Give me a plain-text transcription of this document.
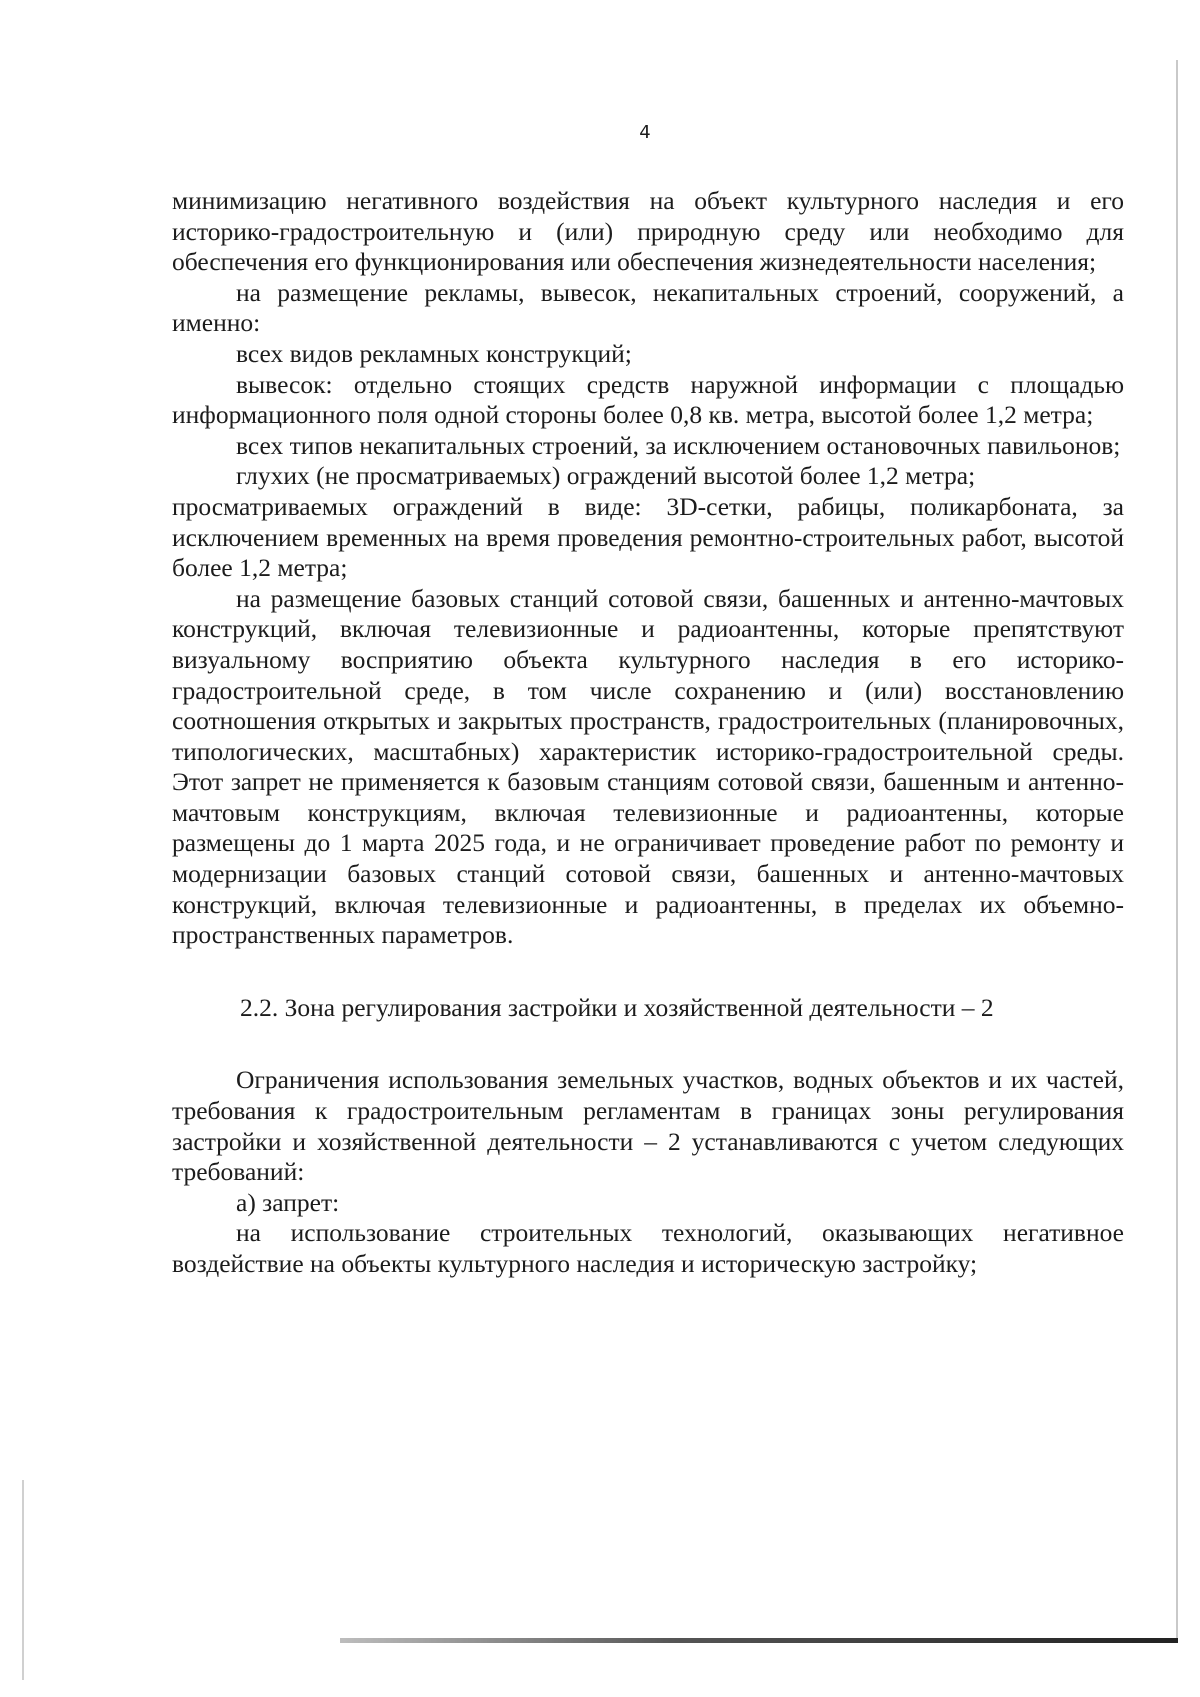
4

минимизацию негативного воздействия на объект культурного наследия и его историко-градостроительную и (или) природную среду или необходимо для обеспечения его функционирования или обеспечения жизнедеятельности населения;

на размещение рекламы, вывесок, некапитальных строений, сооружений, а именно:

всех видов рекламных конструкций;

вывесок: отдельно стоящих средств наружной информации с площадью информационного поля одной стороны более 0,8 кв. метра, высотой более 1,2 метра;

всех типов некапитальных строений, за исключением остановочных павильонов;

глухих (не просматриваемых) ограждений высотой более 1,2 метра;

просматриваемых ограждений в виде: 3D-сетки, рабицы, поликарбоната, за исключением временных на время проведения ремонтно-строительных работ, высотой более 1,2 метра;

на размещение базовых станций сотовой связи, башенных и антенно-мачтовых конструкций, включая телевизионные и радиоантенны, которые препятствуют визуальному восприятию объекта культурного наследия в его историко-градостроительной среде, в том числе сохранению и (или) восстановлению соотношения открытых и закрытых пространств, градостроительных (планировочных, типологических, масштабных) характеристик историко-градостроительной среды. Этот запрет не применяется к базовым станциям сотовой связи, башенным и антенно-мачтовым конструкциям, включая телевизионные и радиоантенны, которые размещены до 1 марта 2025 года, и не ограничивает проведение работ по ремонту и модернизации базовых станций сотовой связи, башенных и антенно-мачтовых конструкций, включая телевизионные и радиоантенны, в пределах их объемно-пространственных параметров.

2.2. Зона регулирования застройки и хозяйственной деятельности – 2

Ограничения использования земельных участков, водных объектов и их частей, требования к градостроительным регламентам в границах зоны регулирования застройки и хозяйственной деятельности – 2 устанавливаются с учетом следующих требований:

а) запрет:

на использование строительных технологий, оказывающих негативное воздействие на объекты культурного наследия и историческую застройку;
